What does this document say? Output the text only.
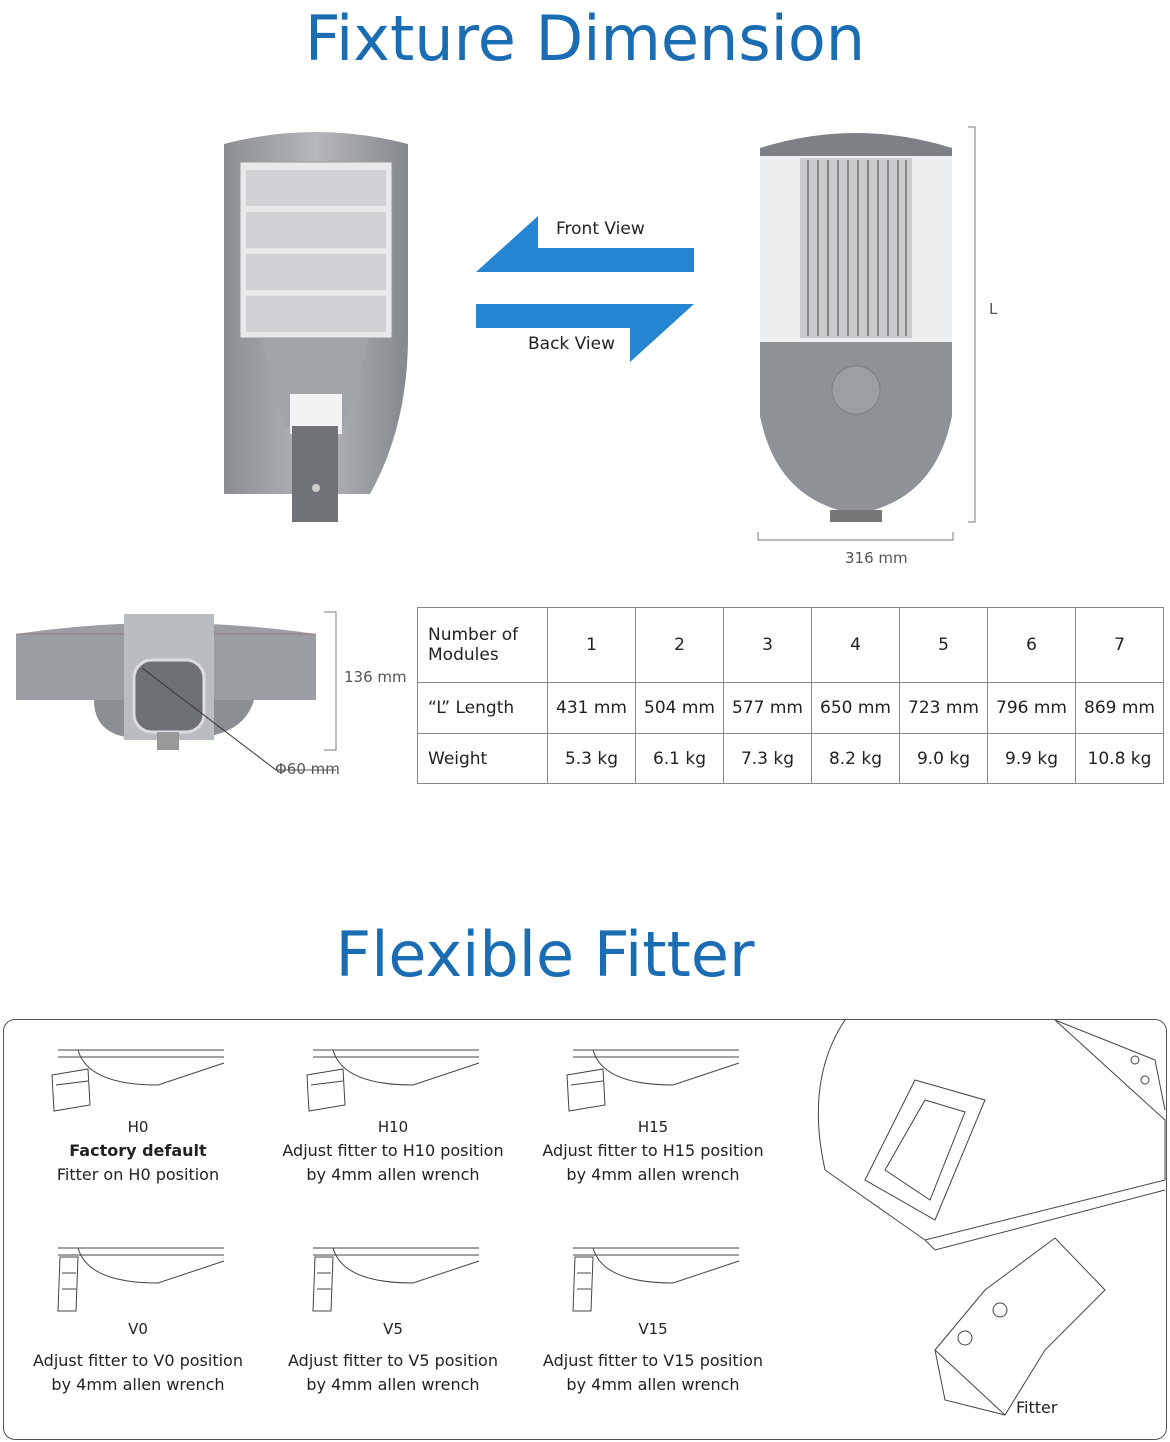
Fixture Dimension
Front View
Back View
L
316 mm
136 mm
Φ60 mm
Number of Modules	1	2	3	4	5	6	7
“L” Length	431 mm	504 mm	577 mm	650 mm	723 mm	796 mm	869 mm
Weight	5.3 kg	6.1 kg	7.3 kg	8.2 kg	9.0 kg	9.9 kg	10.8 kg
Flexible Fitter
H0
Factory default
Fitter on H0 position
H10
Adjust fitter to H10 position
by 4mm allen wrench
H15
Adjust fitter to H15 position
by 4mm allen wrench
V0
Adjust fitter to V0 position
by 4mm allen wrench
V5
Adjust fitter to V5 position
by 4mm allen wrench
V15
Adjust fitter to V15 position
by 4mm allen wrench
Fitter
